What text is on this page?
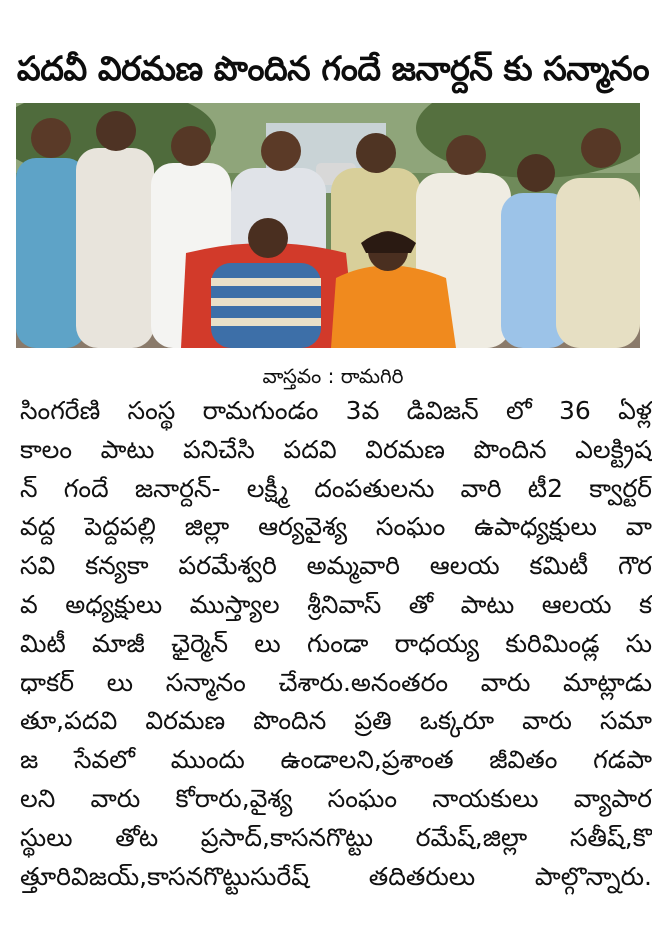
పదవీ విరమణ పొందిన గందే జనార్దన్ కు సన్మానం
వాస్తవం : రామగిరి
సింగరేణి సంస్థ రామగుండం 3వ డివిజన్ లో 36 ఏళ్ల
కాలం పాటు పనిచేసి పదవి విరమణ పొందిన ఎలక్ట్రిష
న్ గందే జనార్దన్- లక్ష్మీ దంపతులను వారి టీ2 క్వార్టర్
వద్ద పెద్దపల్లి జిల్లా ఆర్యవైశ్య సంఘం ఉపాధ్యక్షులు వా
సవి కన్యకా పరమేశ్వరి అమ్మవారి ఆలయ కమిటీ గౌర
వ అధ్యక్షులు ముస్త్యాల శ్రీనివాస్ తో పాటు ఆలయ క
మిటీ మాజీ ఛైర్మెన్ లు గుండా రాధయ్య కురిమిండ్ల సు
ధాకర్ లు సన్మానం చేశారు.అనంతరం వారు మాట్లాడు
తూ,పదవి విరమణ పొందిన ప్రతి ఒక్కరూ వారు సమా
జ సేవలో ముందు ఉండాలని,ప్రశాంత జీవితం గడపా
లని వారు కోరారు,వైశ్య సంఘం నాయకులు వ్యాపార
స్థులు తోట ప్రసాద్,కాసనగొట్టు రమేష్,జిల్లా సతీష్,కొ
త్తూరివిజయ్,కాసనగొట్టుసురేష్ తదితరులు పాల్గొన్నారు.
